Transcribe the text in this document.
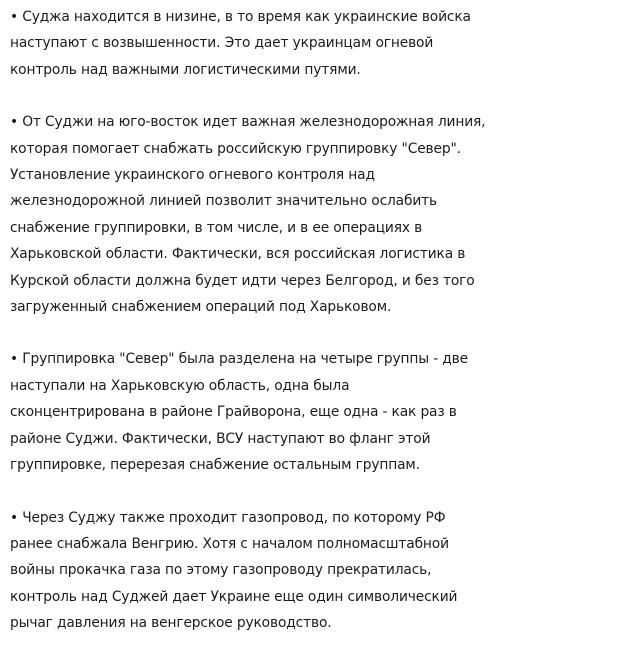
• Суджа находится в низине, в то время как украинские войска
наступают с возвышенности. Это дает украинцам огневой
контроль над важными логистическими путями.

• От Суджи на юго-восток идет важная железнодорожная линия,
которая помогает снабжать российскую группировку "Север".
Установление украинского огневого контроля над
железнодорожной линией позволит значительно ослабить
снабжение группировки, в том числе, и в ее операциях в
Харьковской области. Фактически, вся российская логистика в
Курской области должна будет идти через Белгород, и без того
загруженный снабжением операций под Харьковом.

• Группировка "Север" была разделена на четыре группы - две
наступали на Харьковскую область, одна была
сконцентрирована в районе Грайворона, еще одна - как раз в
районе Суджи. Фактически, ВСУ наступают во фланг этой
группировке, перерезая снабжение остальным группам.

• Через Суджу также проходит газопровод, по которому РФ
ранее снабжала Венгрию. Хотя с началом полномасштабной
войны прокачка газа по этому газопроводу прекратилась,
контроль над Суджей дает Украине еще один символический
рычаг давления на венгерское руководство.
